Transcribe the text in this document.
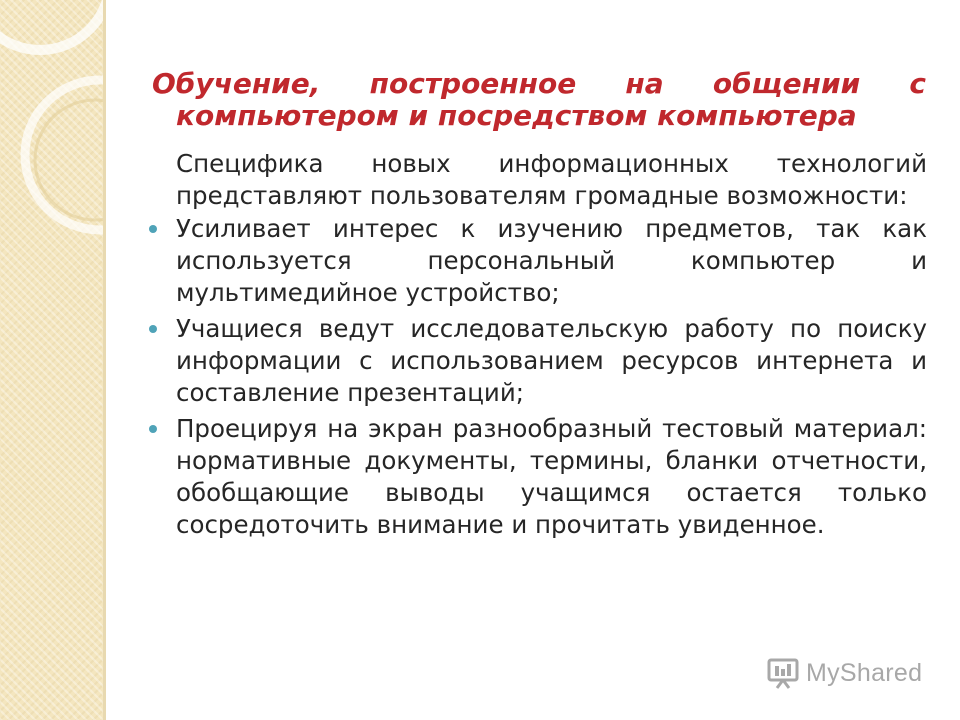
Обучение, построенное на общении с
компьютером и посредством компьютера

Специфика новых информационных технологий представляют пользователям громадные возможности:

Усиливает интерес к изучению предметов, так как используется персональный компьютер и мультимедийное устройство;
Учащиеся ведут исследовательскую работу по поиску информации с использованием ресурсов интернета и составление презентаций;
Проецируя на экран разнообразный тестовый материал: нормативные документы, термины, бланки отчетности, обобщающие выводы учащимся остается только сосредоточить внимание и прочитать увиденное.
MyShared
